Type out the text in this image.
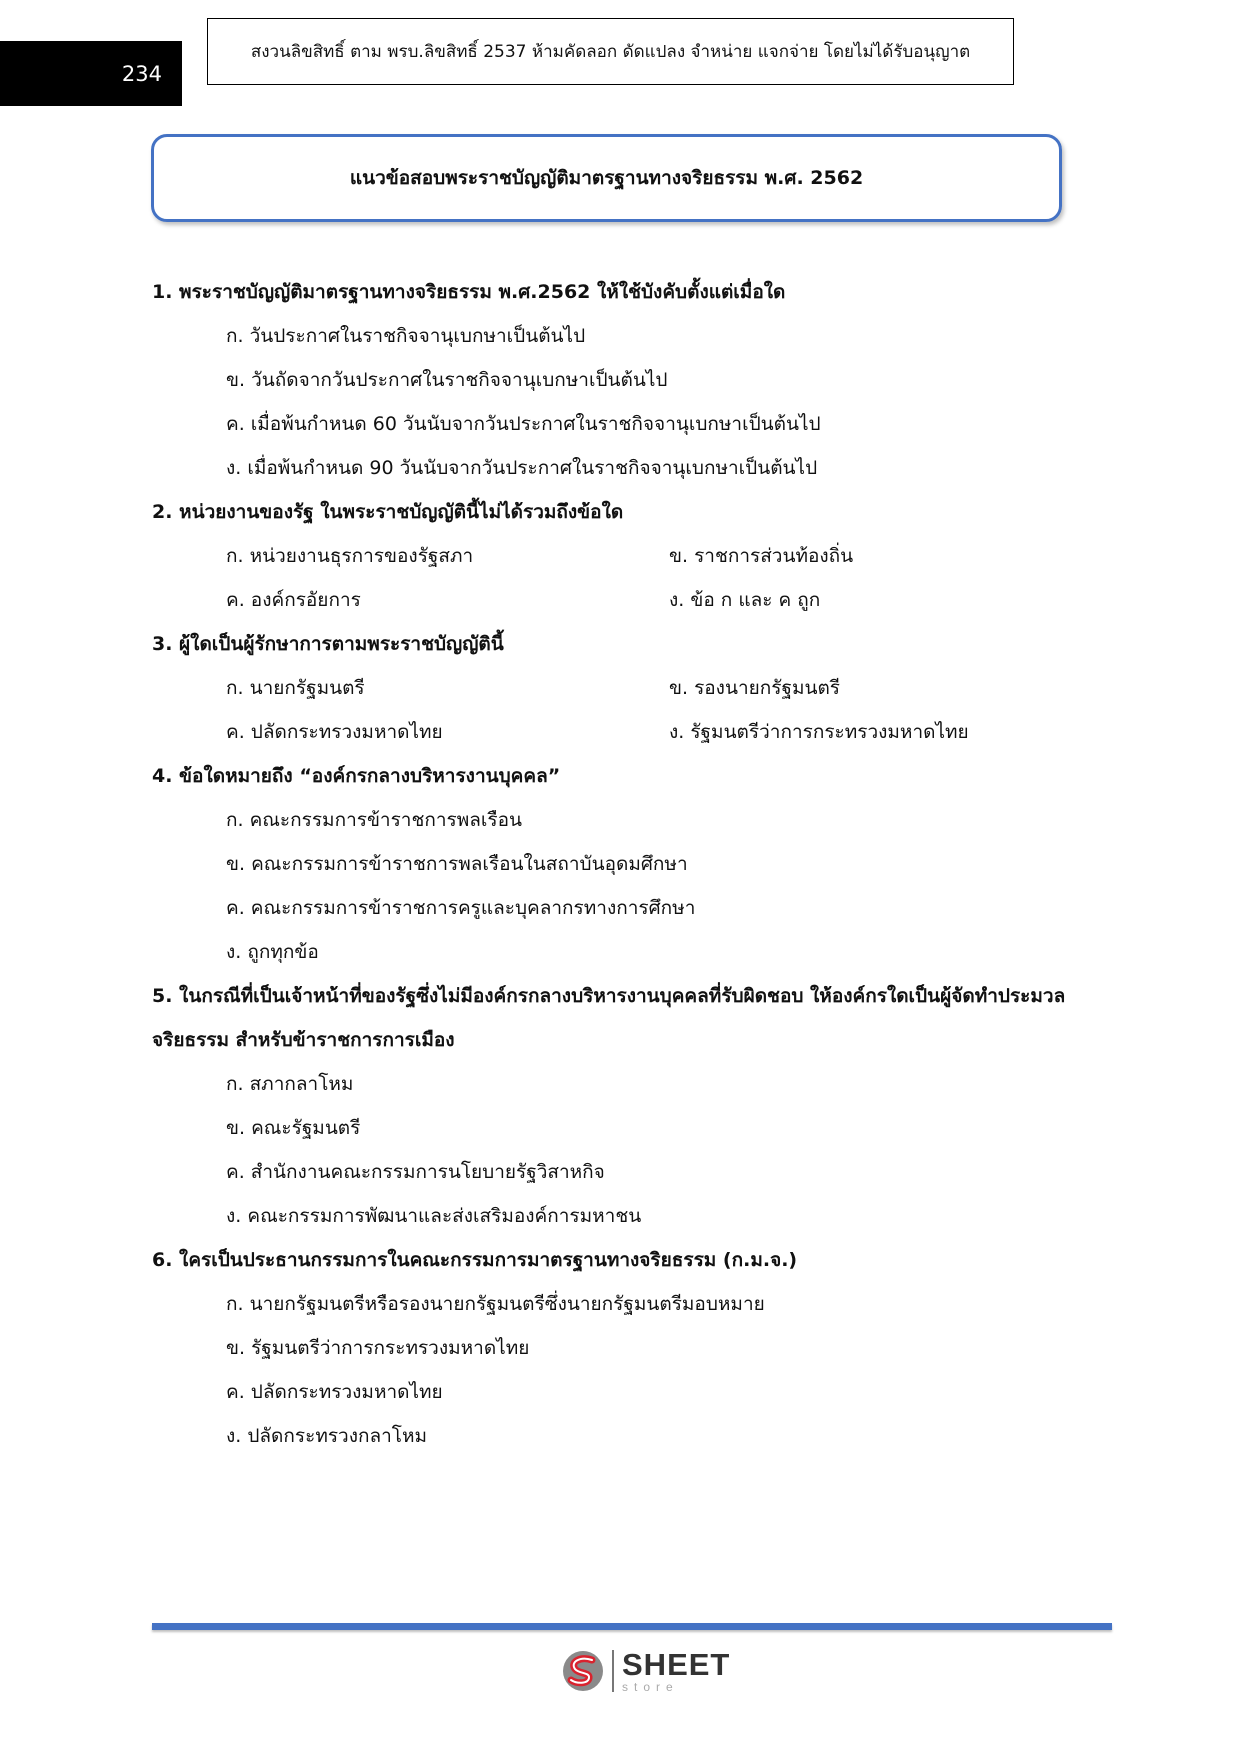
234
สงวนลิขสิทธิ์ ตาม พรบ.ลิขสิทธิ์ 2537 ห้ามคัดลอก ดัดแปลง จำหน่าย แจกจ่าย โดยไม่ได้รับอนุญาต
แนวข้อสอบพระราชบัญญัติมาตรฐานทางจริยธรรม พ.ศ. 2562
1. พระราชบัญญัติมาตรฐานทางจริยธรรม พ.ศ.2562 ให้ใช้บังคับตั้งแต่เมื่อใด
ก. วันประกาศในราชกิจจานุเบกษาเป็นต้นไป
ข. วันถัดจากวันประกาศในราชกิจจานุเบกษาเป็นต้นไป
ค. เมื่อพ้นกำหนด 60 วันนับจากวันประกาศในราชกิจจานุเบกษาเป็นต้นไป
ง. เมื่อพ้นกำหนด 90 วันนับจากวันประกาศในราชกิจจานุเบกษาเป็นต้นไป
2. หน่วยงานของรัฐ ในพระราชบัญญัตินี้ไม่ได้รวมถึงข้อใด
ก. หน่วยงานธุรการของรัฐสภา	ข. ราชการส่วนท้องถิ่น
ค. องค์กรอัยการ	ง. ข้อ ก และ ค ถูก
3. ผู้ใดเป็นผู้รักษาการตามพระราชบัญญัตินี้
ก. นายกรัฐมนตรี	ข. รองนายกรัฐมนตรี
ค. ปลัดกระทรวงมหาดไทย	ง. รัฐมนตรีว่าการกระทรวงมหาดไทย
4. ข้อใดหมายถึง “องค์กรกลางบริหารงานบุคคล”
ก. คณะกรรมการข้าราชการพลเรือน
ข. คณะกรรมการข้าราชการพลเรือนในสถาบันอุดมศึกษา
ค. คณะกรรมการข้าราชการครูและบุคลากรทางการศึกษา
ง. ถูกทุกข้อ
5. ในกรณีที่เป็นเจ้าหน้าที่ของรัฐซึ่งไม่มีองค์กรกลางบริหารงานบุคคลที่รับผิดชอบ ให้องค์กรใดเป็นผู้จัดทำประมวลจริยธรรม สำหรับข้าราชการการเมือง
ก. สภากลาโหม
ข. คณะรัฐมนตรี
ค. สำนักงานคณะกรรมการนโยบายรัฐวิสาหกิจ
ง. คณะกรรมการพัฒนาและส่งเสริมองค์การมหาชน
6. ใครเป็นประธานกรรมการในคณะกรรมการมาตรฐานทางจริยธรรม (ก.ม.จ.)
ก. นายกรัฐมนตรีหรือรองนายกรัฐมนตรีซึ่งนายกรัฐมนตรีมอบหมาย
ข. รัฐมนตรีว่าการกระทรวงมหาดไทย
ค. ปลัดกระทรวงมหาดไทย
ง. ปลัดกระทรวงกลาโหม
SHEET
store
